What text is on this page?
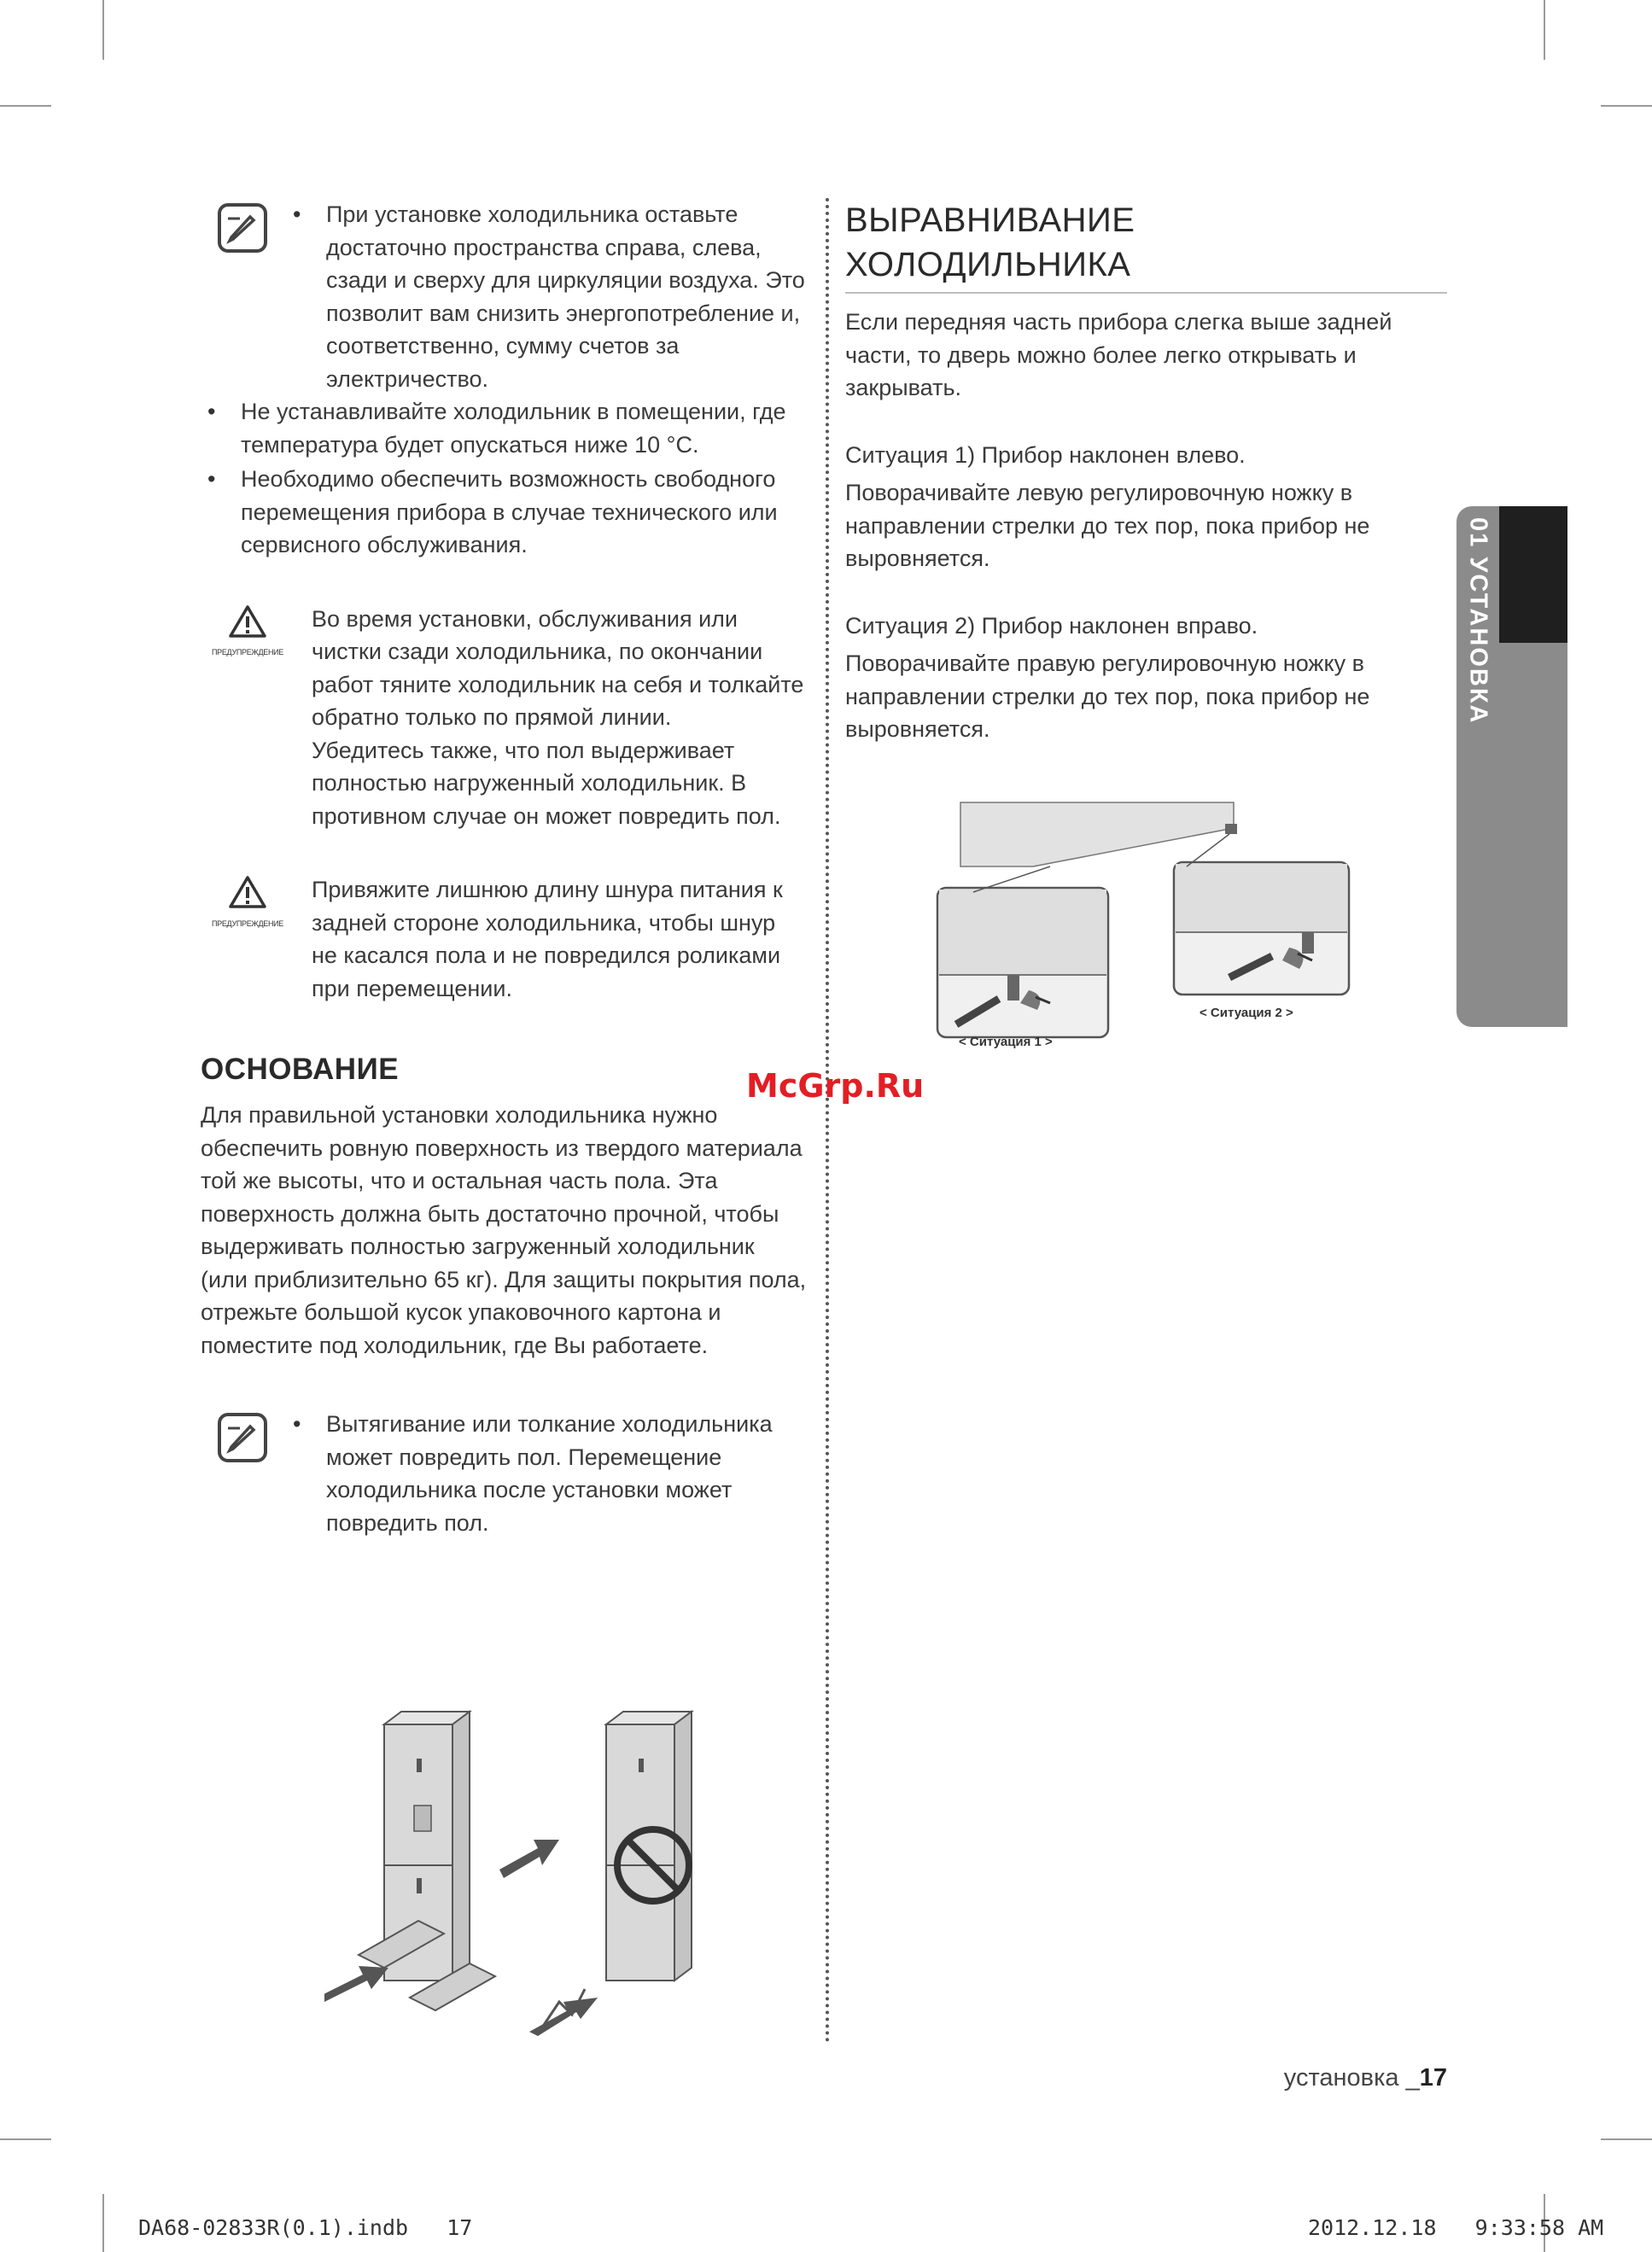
• При установке холодильника оставьте достаточно пространства справа, слева, сзади и сверху для циркуляции воздуха. Это позволит вам снизить энергопотребление и, соответственно, сумму счетов за электричество.
• Не устанавливайте холодильник в помещении, где температура будет опускаться ниже 10 °C.
• Необходимо обеспечить возможность свободного перемещения прибора в случае технического или сервисного обслуживания.
ПРЕДУПРЕЖДЕНИЕ
Во время установки, обслуживания или чистки сзади холодильника, по окончании работ тяните холодильник на себя и толкайте обратно только по прямой линии.
Убедитесь также, что пол выдерживает полностью нагруженный холодильник. В противном случае он может повредить пол.
ПРЕДУПРЕЖДЕНИЕ
Привяжите лишнюю длину шнура питания к задней стороне холодильника, чтобы шнур не касался пола и не повредился роликами при перемещении.
ОСНОВАНИЕ
Для правильной установки холодильника нужно обеспечить ровную поверхность из твердого материала той же высоты, что и остальная часть пола. Эта поверхность должна быть достаточно прочной, чтобы выдерживать полностью загруженный холодильник (или приблизительно 65 кг). Для защиты покрытия пола, отрежьте большой кусок упаковочного картона и поместите под холодильник, где Вы работаете.
• Вытягивание или толкание холодильника может повредить пол. Перемещение холодильника после установки может повредить пол.
ВЫРАВНИВАНИЕ
ХОЛОДИЛЬНИКА
Если передняя часть прибора слегка выше задней части, то дверь можно более легко открывать и закрывать.
Ситуация 1) Прибор наклонен влево.
Поворачивайте левую регулировочную ножку в направлении стрелки до тех пор, пока прибор не выровняется.
Ситуация 2) Прибор наклонен вправо.
Поворачивайте правую регулировочную ножку в направлении стрелки до тех пор, пока прибор не выровняется.
< Ситуация 1 >
< Ситуация 2 >
01 УСТАНОВКА
McGrp.Ru
установка _17
DA68-02833R(0.1).indb   17	2012.12.18   9:33:58 AM
